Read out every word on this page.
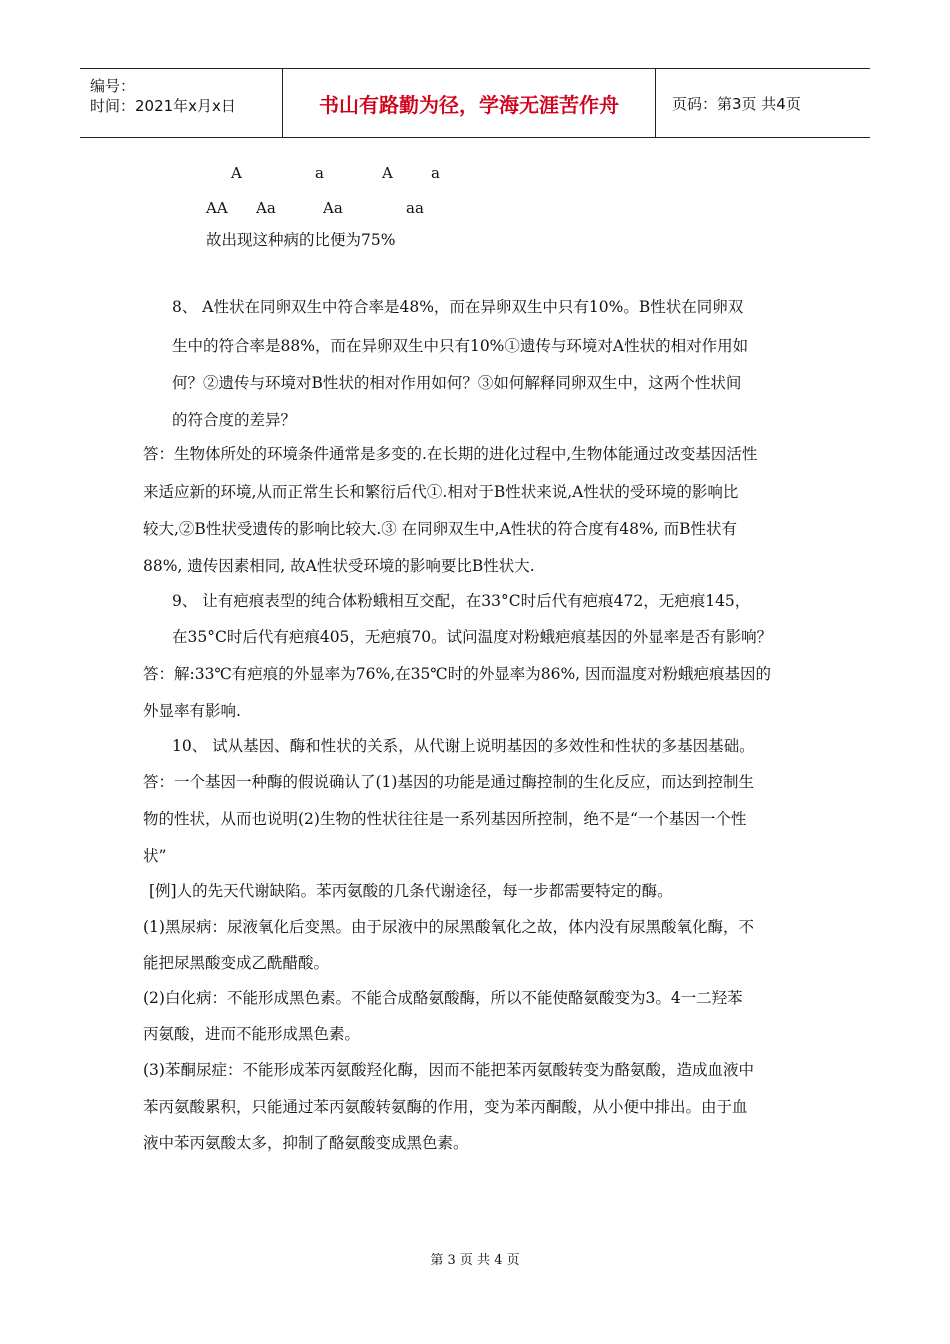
编号：
时间：2021年x月x日	书山有路勤为径，学海无涯苦作舟	页码：第3页 共4页
A	a	A	a
AA Aa	Aa	aa
故出现这种病的比便为75%
8、 A性状在同卵双生中符合率是48%，而在异卵双生中只有10%。B性状在同卵双
生中的符合率是88%，而在异卵双生中只有10%①遗传与环境对A性状的相对作用如
何？②遗传与环境对B性状的相对作用如何？③如何解释同卵双生中，这两个性状间
的符合度的差异？
答：生物体所处的环境条件通常是多变的.在长期的进化过程中,生物体能通过改变基因活性
来适应新的环境,从而正常生长和繁衍后代①.相对于B性状来说,A性状的受环境的影响比
较大,②B性状受遗传的影响比较大.③ 在同卵双生中,A性状的符合度有48%, 而B性状有
88%, 遗传因素相同, 故A性状受环境的影响要比B性状大.
9、 让有疤痕表型的纯合体粉蛾相互交配，在33°C时后代有疤痕472，无疤痕145，
在35°C时后代有疤痕405，无疤痕70。试问温度对粉蛾疤痕基因的外显率是否有影响？
答：解:33℃有疤痕的外显率为76%,在35℃时的外显率为86%, 因而温度对粉蛾疤痕基因的
外显率有影响.
10、 试从基因、酶和性状的关系，从代谢上说明基因的多效性和性状的多基因基础。
答：一个基因一种酶的假说确认了(1)基因的功能是通过酶控制的生化反应，而达到控制生
物的性状，从而也说明(2)生物的性状往往是一系列基因所控制，绝不是“一个基因一个性
状”
[例]人的先天代谢缺陷。苯丙氨酸的几条代谢途径，每一步都需要特定的酶。
(1)黑尿病：尿液氧化后变黑。由于尿液中的尿黑酸氧化之故，体内没有尿黑酸氧化酶，不
能把尿黑酸变成乙酰醋酸。
(2)白化病：不能形成黑色素。不能合成酪氨酸酶，所以不能使酪氨酸变为3。4一二羟苯
丙氨酸，进而不能形成黑色素。
(3)苯酮尿症：不能形成苯丙氨酸羟化酶，因而不能把苯丙氨酸转变为酪氨酸，造成血液中
苯丙氨酸累积，只能通过苯丙氨酸转氨酶的作用，变为苯丙酮酸，从小便中排出。由于血
液中苯丙氨酸太多，抑制了酪氨酸变成黑色素。
第 3 页 共 4 页
